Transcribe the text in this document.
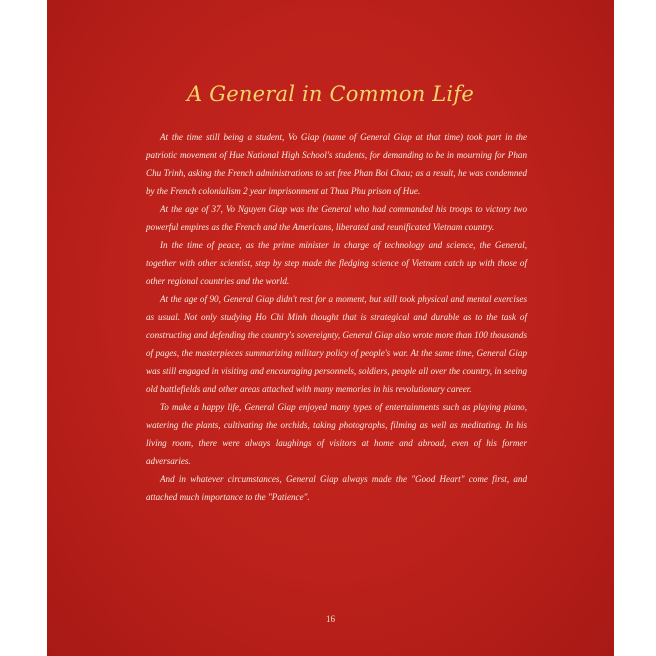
A General in Common Life

At the time still being a student, Vo Giap (name of General Giap at that time) took part in the patriotic movement of Hue National High School's students, for demanding to be in mourning for Phan Chu Trinh, asking the French administrations to set free Phan Boi Chau; as a result, he was condemned by the French colonialism 2 year imprisonment at Thua Phu prison of Hue.

At the age of 37, Vo Nguyen Giap was the General who had commanded his troops to victory two powerful empires as the French and the Americans, liberated and reunificated Vietnam country.

In the time of peace, as the prime minister in charge of technology and science, the General, together with other scientist, step by step made the fledging science of Vietnam catch up with those of other regional countries and the world.

At the age of 90, General Giap didn't rest for a moment, but still took physical and mental exercises as usual. Not only studying Ho Chi Minh thought that is strategical and durable as to the task of constructing and defending the country's sovereignty, General Giap also wrote more than 100 thousands of pages, the masterpieces summarizing military policy of people's war. At the same time, General Giap was still engaged in visiting and encouraging personnels, soldiers, people all over the country, in seeing old battlefields and other areas attached with many memories in his revolutionary career.

To make a happy life, General Giap enjoyed many types of entertainments such as playing piano, watering the plants, cultivating the orchids, taking photographs, filming as well as meditating. In his living room, there were always laughings of visitors at home and abroad, even of his former adversaries.

And in whatever circumstances, General Giap always made the "Good Heart" come first, and attached much importance to the "Patience".

16
